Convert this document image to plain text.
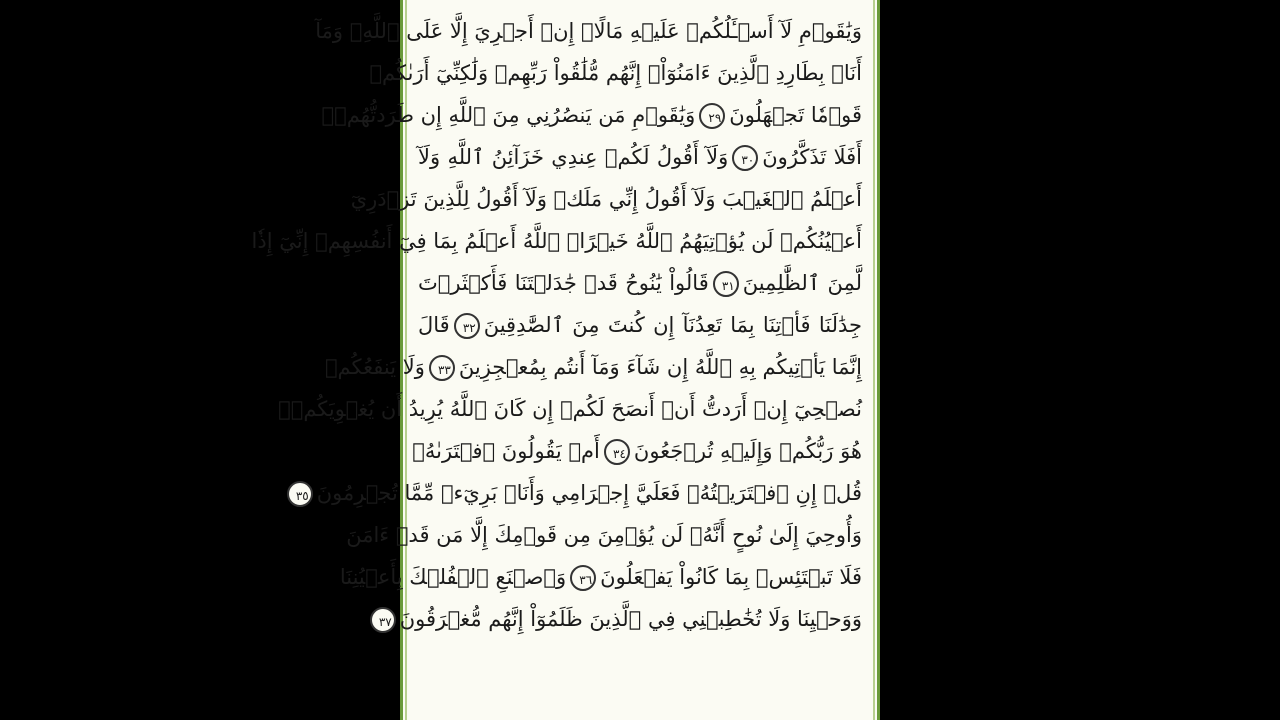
وَيَٰقَوۡمِ لَآ أَسۡـَٔلُكُمۡ عَلَيۡهِ مَالًاۖ إِنۡ أَجۡرِيَ إِلَّا عَلَى ٱللَّهِۚ وَمَآ
أَنَا۠ بِطَارِدِ ٱلَّذِينَ ءَامَنُوٓاْۚ إِنَّهُم مُّلَٰقُواْ رَبِّهِمۡ وَلَٰكِنِّيٓ أَرَىٰكُمۡ
قَوۡمٗا تَجۡهَلُونَ٢٩وَيَٰقَوۡمِ مَن يَنصُرُنِي مِنَ ٱللَّهِ إِن طَرَدتُّهُمۡۚ
أَفَلَا تَذَكَّرُونَ٣٠وَلَآ أَقُولُ لَكُمۡ عِندِي خَزَآئِنُ ٱللَّهِ وَلَآ
أَعۡلَمُ ٱلۡغَيۡبَ وَلَآ أَقُولُ إِنِّي مَلَكٞ وَلَآ أَقُولُ لِلَّذِينَ تَزۡدَرِيٓ
أَعۡيُنُكُمۡ لَن يُؤۡتِيَهُمُ ٱللَّهُ خَيۡرًاۖ ٱللَّهُ أَعۡلَمُ بِمَا فِيٓ أَنفُسِهِمۡ إِنِّيٓ إِذٗا
لَّمِنَ ٱلظَّٰلِمِينَ٣١قَالُواْ يَٰنُوحُ قَدۡ جَٰدَلۡتَنَا فَأَكۡثَرۡتَ
جِدَٰلَنَا فَأۡتِنَا بِمَا تَعِدُنَآ إِن كُنتَ مِنَ ٱلصَّٰدِقِينَ٣٢قَالَ
إِنَّمَا يَأۡتِيكُم بِهِ ٱللَّهُ إِن شَآءَ وَمَآ أَنتُم بِمُعۡجِزِينَ٣٣وَلَا يَنفَعُكُمۡ
نُصۡحِيٓ إِنۡ أَرَدتُّ أَنۡ أَنصَحَ لَكُمۡ إِن كَانَ ٱللَّهُ يُرِيدُ أَن يُغۡوِيَكُمۡۚ
هُوَ رَبُّكُمۡ وَإِلَيۡهِ تُرۡجَعُونَ٣٤أَمۡ يَقُولُونَ ٱفۡتَرَىٰهُۖ
قُلۡ إِنِ ٱفۡتَرَيۡتُهُۥ فَعَلَيَّ إِجۡرَامِي وَأَنَا۠ بَرِيٓءٞ مِّمَّا تُجۡرِمُونَ٣٥
وَأُوحِيَ إِلَىٰ نُوحٍ أَنَّهُۥ لَن يُؤۡمِنَ مِن قَوۡمِكَ إِلَّا مَن قَدۡ ءَامَنَ
فَلَا تَبۡتَئِسۡ بِمَا كَانُواْ يَفۡعَلُونَ٣٦وَٱصۡنَعِ ٱلۡفُلۡكَ بِأَعۡيُنِنَا
وَوَحۡيِنَا وَلَا تُخَٰطِبۡنِي فِي ٱلَّذِينَ ظَلَمُوٓاْ إِنَّهُم مُّغۡرَقُونَ٣٧
